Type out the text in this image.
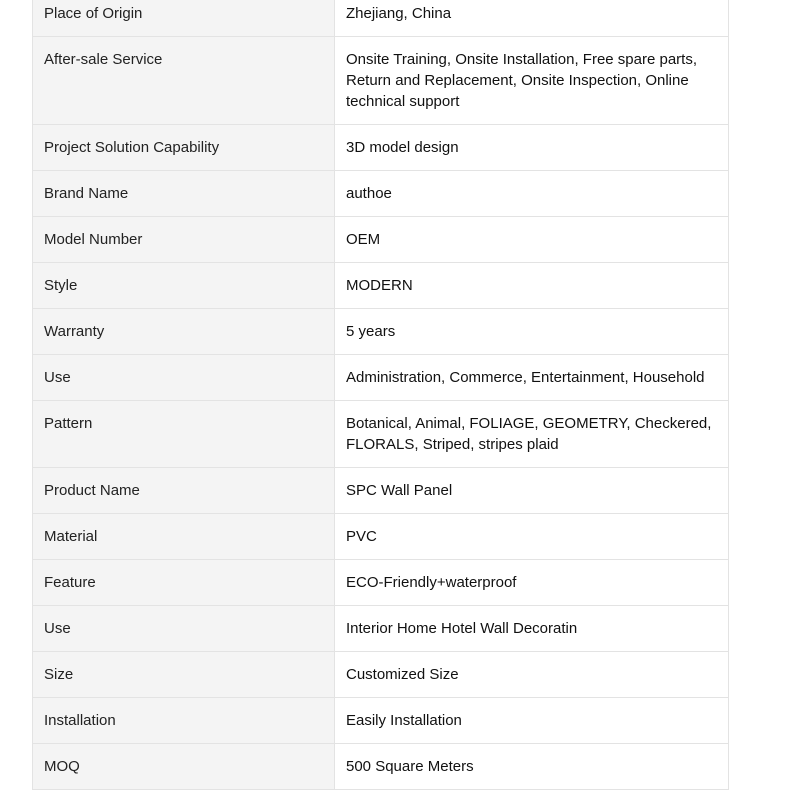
Place of Origin	Zhejiang, China
After-sale Service	Onsite Training, Onsite Installation, Free spare parts, Return and Replacement, Onsite Inspection, Online technical support
Project Solution Capability	3D model design
Brand Name	authoe
Model Number	OEM
Style	MODERN
Warranty	5 years
Use	Administration, Commerce, Entertainment, Household
Pattern	Botanical, Animal, FOLIAGE, GEOMETRY, Checkered, FLORALS, Striped, stripes plaid
Product Name	SPC Wall Panel
Material	PVC
Feature	ECO-Friendly+waterproof
Use	Interior Home Hotel Wall Decoratin
Size	Customized Size
Installation	Easily Installation
MOQ	500 Square Meters
